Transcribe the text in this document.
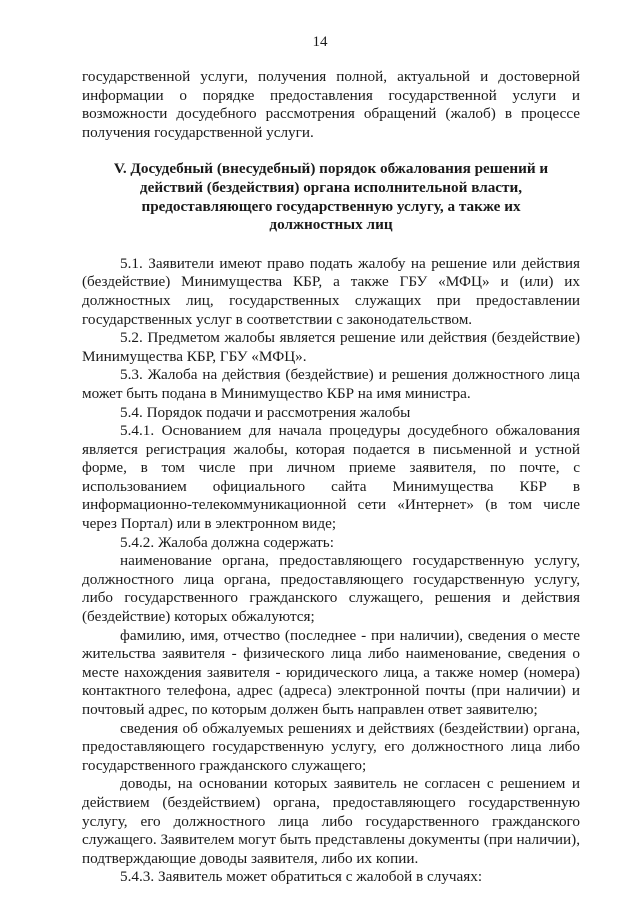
14

государственной услуги, получения полной, актуальной и достоверной информации о порядке предоставления государственной услуги и возможности досудебного рассмотрения обращений (жалоб) в процессе получения государственной услуги.

V. Досудебный (внесудебный) порядок обжалования решений и действий (бездействия) органа исполнительной власти, предоставляющего государственную услугу, а также их должностных лиц

5.1. Заявители имеют право подать жалобу на решение или действия (бездействие) Минимущества КБР, а также ГБУ «МФЦ» и (или) их должностных лиц, государственных служащих при предоставлении государственных услуг в соответствии с законодательством.

5.2. Предметом жалобы является решение или действия (бездействие) Минимущества КБР, ГБУ «МФЦ».

5.3. Жалоба на действия (бездействие) и решения должностного лица может быть подана в Минимущество КБР на имя министра.

5.4. Порядок подачи и рассмотрения жалобы

5.4.1. Основанием для начала процедуры досудебного обжалования является регистрация жалобы, которая подается в письменной и устной форме, в том числе при личном приеме заявителя, по почте, с использованием официального сайта Минимущества КБР в информационно-телекоммуникационной сети «Интернет» (в том числе через Портал) или в электронном виде;

5.4.2. Жалоба должна содержать:

наименование органа, предоставляющего государственную услугу, должностного лица органа, предоставляющего государственную услугу, либо государственного гражданского служащего, решения и действия (бездействие) которых обжалуются;

фамилию, имя, отчество (последнее - при наличии), сведения о месте жительства заявителя - физического лица либо наименование, сведения о месте нахождения заявителя - юридического лица, а также номер (номера) контактного телефона, адрес (адреса) электронной почты (при наличии) и почтовый адрес, по которым должен быть направлен ответ заявителю;

сведения об обжалуемых решениях и действиях (бездействии) органа, предоставляющего государственную услугу, его должностного лица либо государственного гражданского служащего;

доводы, на основании которых заявитель не согласен с решением и действием (бездействием) органа, предоставляющего государственную услугу, его должностного лица либо государственного гражданского служащего. Заявителем могут быть представлены документы (при наличии), подтверждающие доводы заявителя, либо их копии.

5.4.3. Заявитель может обратиться с жалобой в случаях:
